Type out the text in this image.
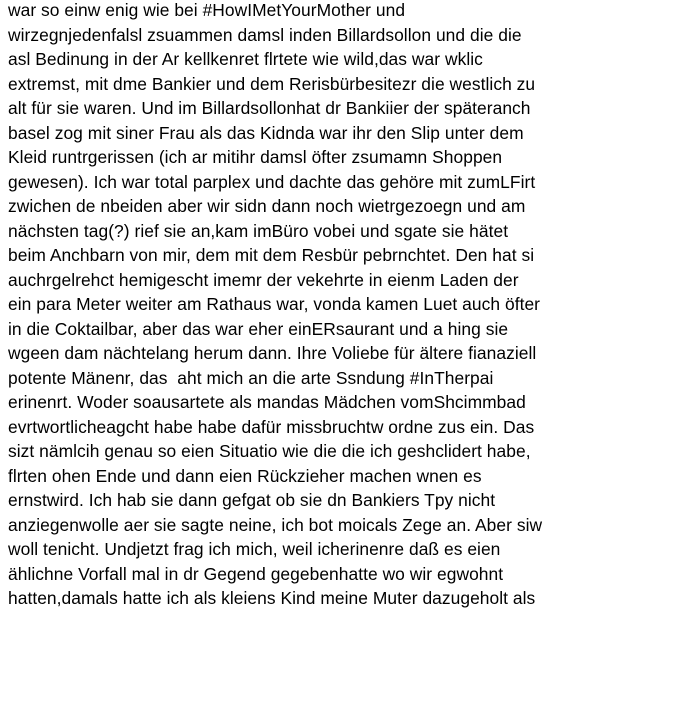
war so einw enig wie bei #HowIMetYourMother und
wirzegnjedenfalsl zsuammen damsl inden Billardsollon und die die
asl Bedinung in der Ar kellkenret flrtete wie wild,das war wklic
extremst, mit dme Bankier und dem Rerisbürbesitezr die westlich zu
alt für sie waren. Und im Billardsollonhat dr Bankiier der späteranch
basel zog mit siner Frau als das Kidnda war ihr den Slip unter dem
Kleid runtrgerissen (ich ar mitihr damsl öfter zsumamn Shoppen
gewesen). Ich war total parplex und dachte das gehöre mit zumLFirt
zwichen de nbeiden aber wir sidn dann noch wietrgezoegn und am
nächsten tag(?) rief sie an,kam imBüro vobei und sgate sie hätet
beim Anchbarn von mir, dem mit dem Resbür pebrnchtet. Den hat si
auchrgelrehct hemigescht imemr der vekehrte in eienm Laden der
ein para Meter weiter am Rathaus war, vonda kamen Luet auch öfter
in die Coktailbar, aber das war eher einERsaurant und a hing sie
wgeen dam nächtelang herum dann. Ihre Voliebe für ältere fianaziell
potente Mänenr, das  aht mich an die arte Ssndung #InTherpai
erinenrt. Woder soausartete als mandas Mädchen vomShcimmbad
evrtwortlicheagcht habe habe dafür missbruchtw ordne zus ein. Das
sizt nämlcih genau so eien Situatio wie die die ich geshclidert habe,
flrten ohen Ende und dann eien Rückzieher machen wnen es
ernstwird. Ich hab sie dann gefgat ob sie dn Bankiers Tpy nicht
anziegenwolle aer sie sagte neine, ich bot moicals Zege an. Aber siw
woll tenicht. Undjetzt frag ich mich, weil icherinenre daß es eien
ählichne Vorfall mal in dr Gegend gegebenhatte wo wir egwohnt
hatten,damals hatte ich als kleiens Kind meine Muter dazugeholt als
